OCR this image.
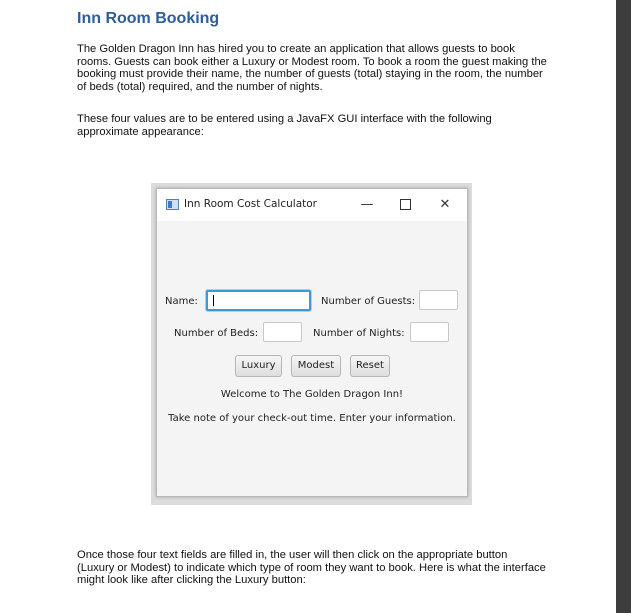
Inn Room Booking

The Golden Dragon Inn has hired you to create an application that allows guests to book rooms. Guests can book either a Luxury or Modest room. To book a room the guest making the booking must provide their name, the number of guests (total) staying in the room, the number of beds (total) required, and the number of nights.

These four values are to be entered using a JavaFX GUI interface with the following approximate appearance:

Inn Room Cost Calculator	—	✕
Name:	Number of Guests:
Number of Beds:	Number of Nights:
Luxury	Modest	Reset
Welcome to The Golden Dragon Inn!
Take note of your check-out time. Enter your information.

Once those four text fields are filled in, the user will then click on the appropriate button (Luxury or Modest) to indicate which type of room they want to book. Here is what the interface might look like after clicking the Luxury button:
